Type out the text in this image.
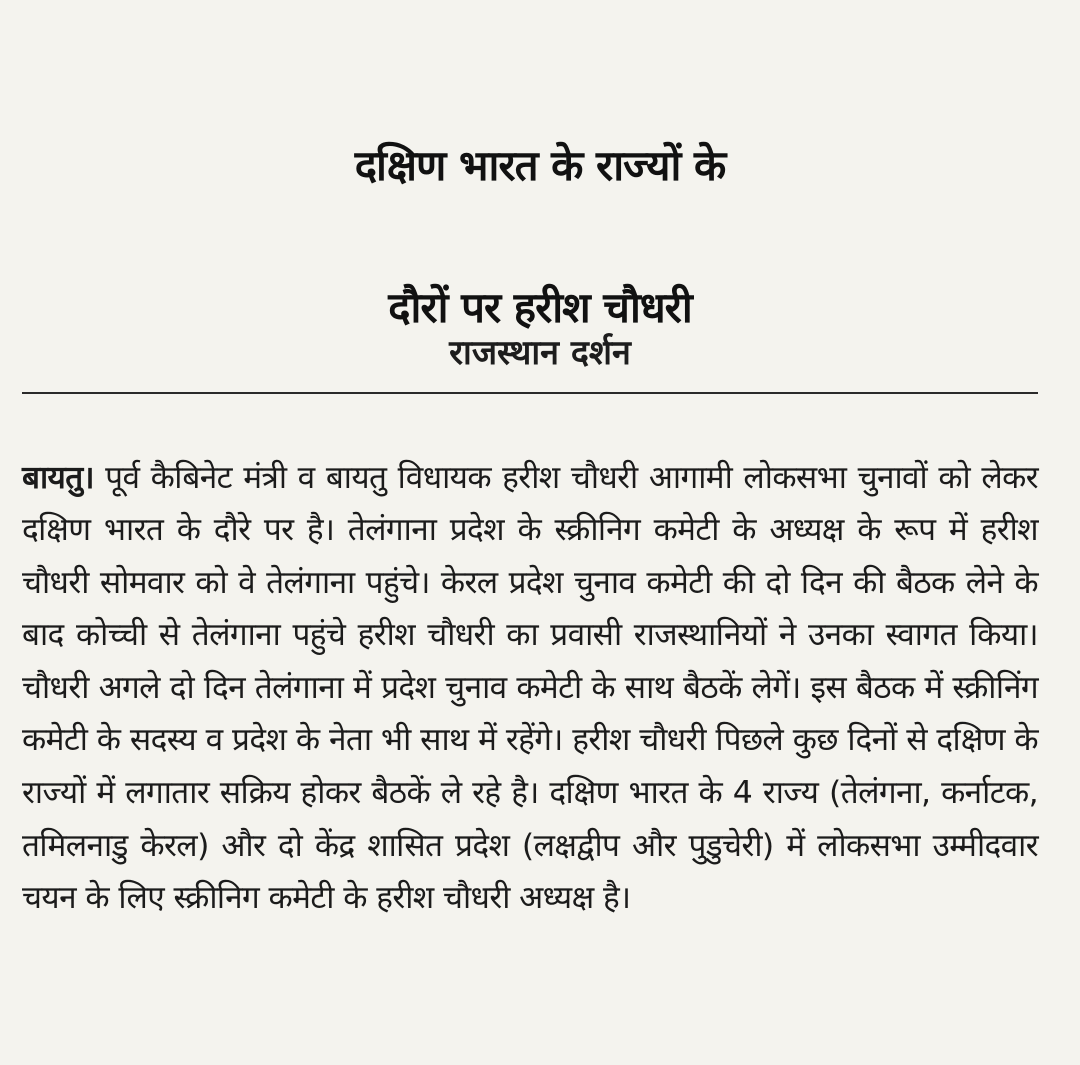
दक्षिण भारत के राज्यों के
दौरों पर हरीश चौधरी
राजस्थान दर्शन

बायतु। पूर्व कैबिनेट मंत्री व बायतु विधायक हरीश चौधरी आगामी लोकसभा चुनावों को लेकर दक्षिण भारत के दौरे पर है। तेलंगाना प्रदेश के स्क्रीनिग कमेटी के अध्यक्ष के रूप में हरीश चौधरी सोमवार को वे तेलंगाना पहुंचे। केरल प्रदेश चुनाव कमेटी की दो दिन की बैठक लेने के बाद कोच्ची से तेलंगाना पहुंचे हरीश चौधरी का प्रवासी राजस्थानियों ने उनका स्वागत किया। चौधरी अगले दो दिन तेलंगाना में प्रदेश चुनाव कमेटी के साथ बैठकें लेगें। इस बैठक में स्क्रीनिंग कमेटी के सदस्य व प्रदेश के नेता भी साथ में रहेंगे। हरीश चौधरी पिछले कुछ दिनों से दक्षिण के राज्यों में लगातार सक्रिय होकर बैठकें ले रहे है। दक्षिण भारत के 4 राज्य (तेलंगना, कर्नाटक, तमिलनाडु केरल) और दो केंद्र शासित प्रदेश (लक्षद्वीप और पुडुचेरी) में लोकसभा उम्मीदवार चयन के लिए स्क्रीनिग कमेटी के हरीश चौधरी अध्यक्ष है।
